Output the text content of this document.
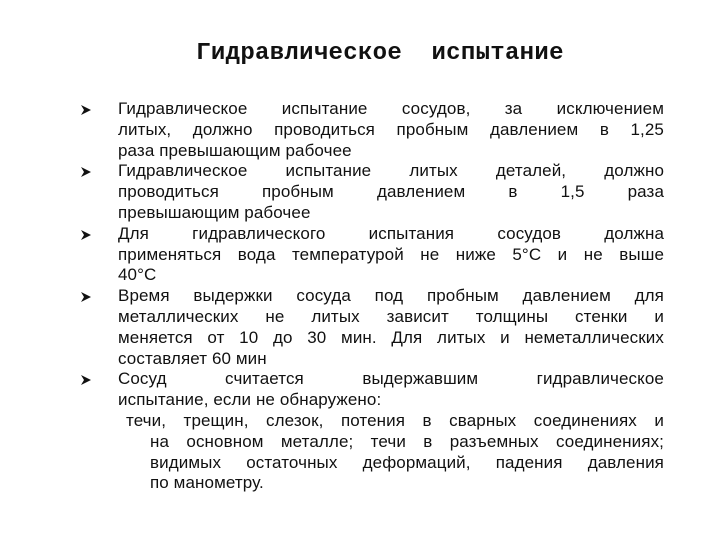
Гидравлическое  испытание
Гидравлическое испытание сосудов, за исключением
литых, должно проводиться пробным давлением в 1,25
раза превышающим рабочее
Гидравлическое испытание литых деталей, должно
проводиться пробным давлением в 1,5 раза
превышающим рабочее
Для гидравлического испытания сосудов должна
применяться вода температурой не ниже 5°С и не выше
40°С
Время выдержки сосуда под пробным давлением для
металлических не литых зависит толщины стенки и
меняется от 10 до 30 мин. Для литых и неметаллических
составляет 60 мин
Сосуд считается выдержавшим гидравлическое
испытание, если не обнаружено:
течи, трещин, слезок, потения в сварных соединениях и
на основном металле; течи в разъемных соединениях;
видимых остаточных деформаций, падения давления
по манометру.
